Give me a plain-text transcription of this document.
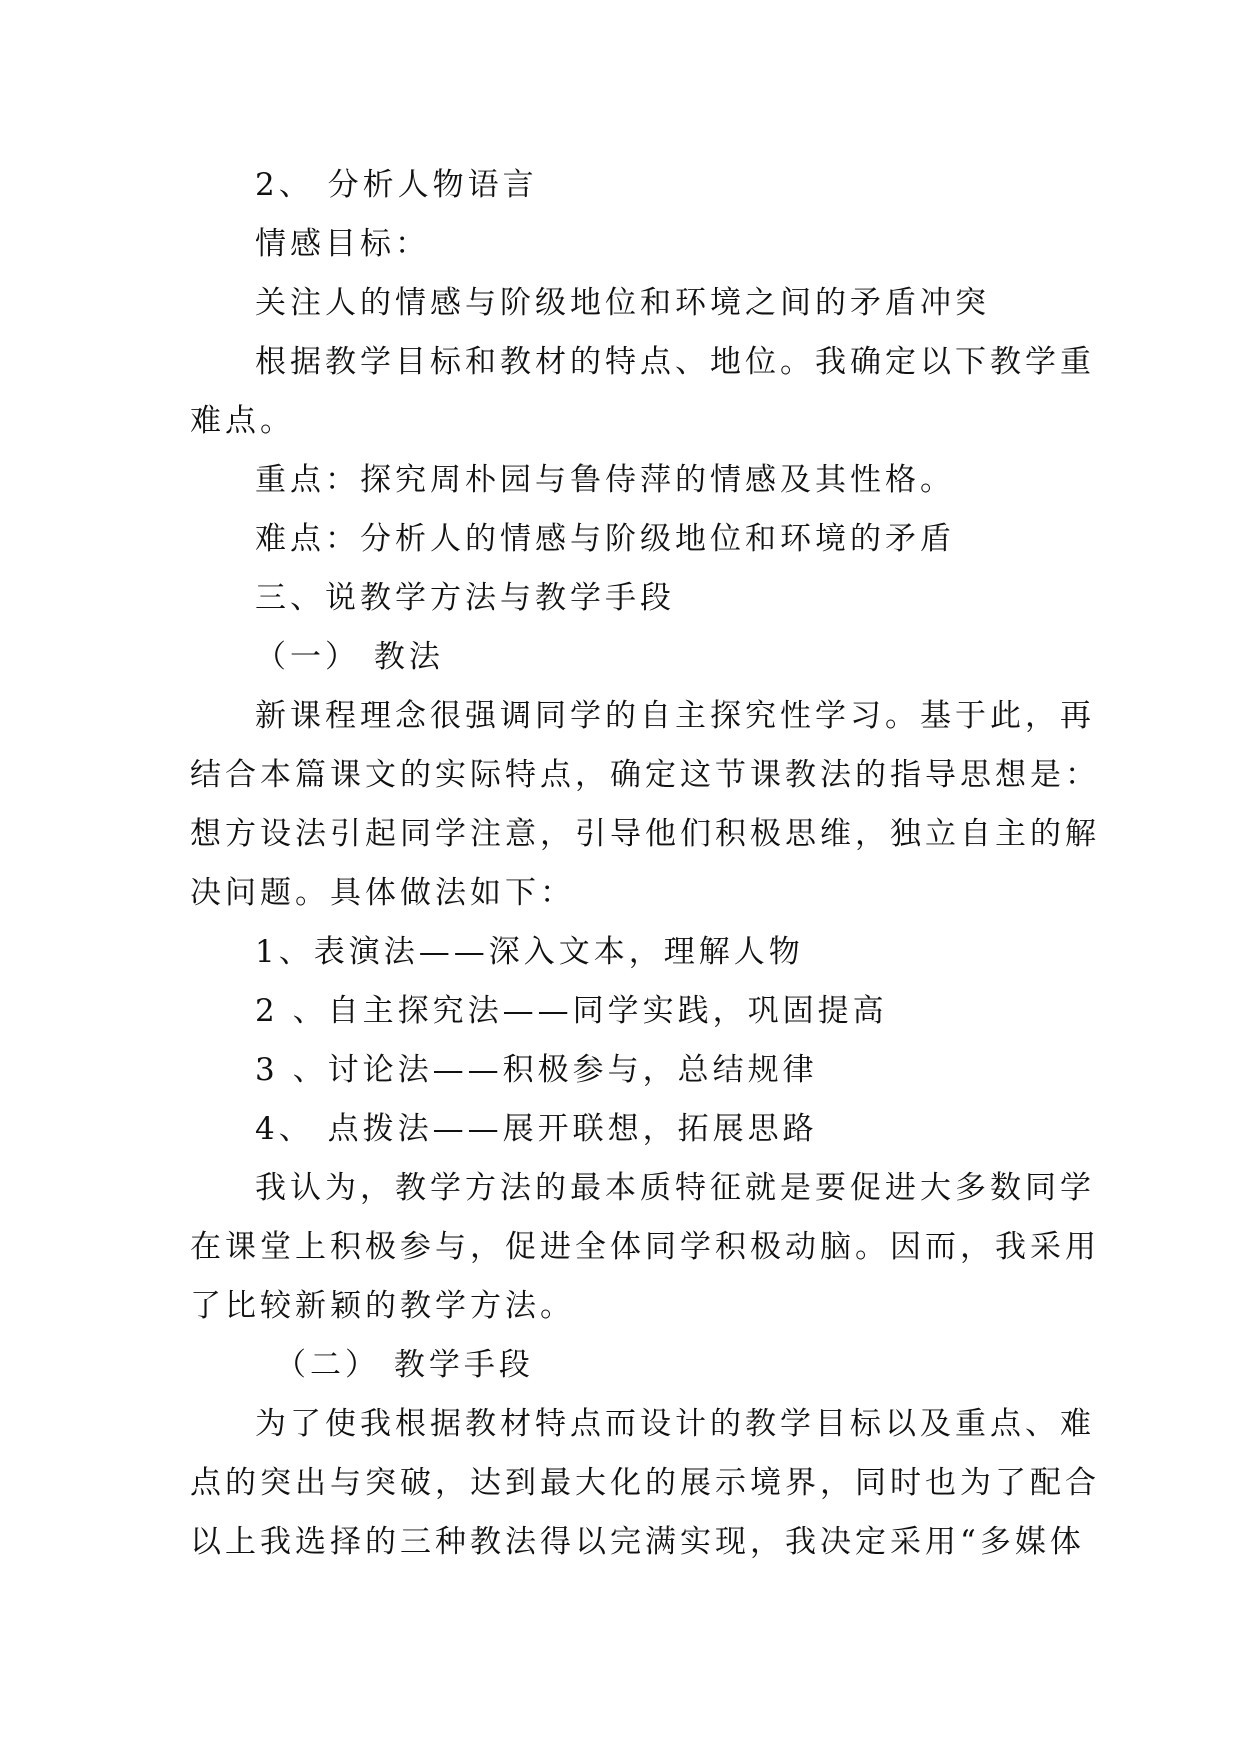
2、 分析人物语言
情感目标：
关注人的情感与阶级地位和环境之间的矛盾冲突
根据教学目标和教材的特点、地位。我确定以下教学重
难点。
重点：探究周朴园与鲁侍萍的情感及其性格。
难点：分析人的情感与阶级地位和环境的矛盾
三、说教学方法与教学手段
（一） 教法
新课程理念很强调同学的自主探究性学习。基于此，再
结合本篇课文的实际特点，确定这节课教法的指导思想是：
想方设法引起同学注意，引导他们积极思维，独立自主的解
决问题。具体做法如下：
1、表演法——深入文本，理解人物
2 、自主探究法——同学实践，巩固提高
3 、讨论法——积极参与，总结规律
4、 点拨法——展开联想，拓展思路
我认为，教学方法的最本质特征就是要促进大多数同学
在课堂上积极参与，促进全体同学积极动脑。因而，我采用
了比较新颖的教学方法。
（二） 教学手段
为了使我根据教材特点而设计的教学目标以及重点、难
点的突出与突破，达到最大化的展示境界，同时也为了配合
以上我选择的三种教法得以完满实现，我决定采用“多媒体
